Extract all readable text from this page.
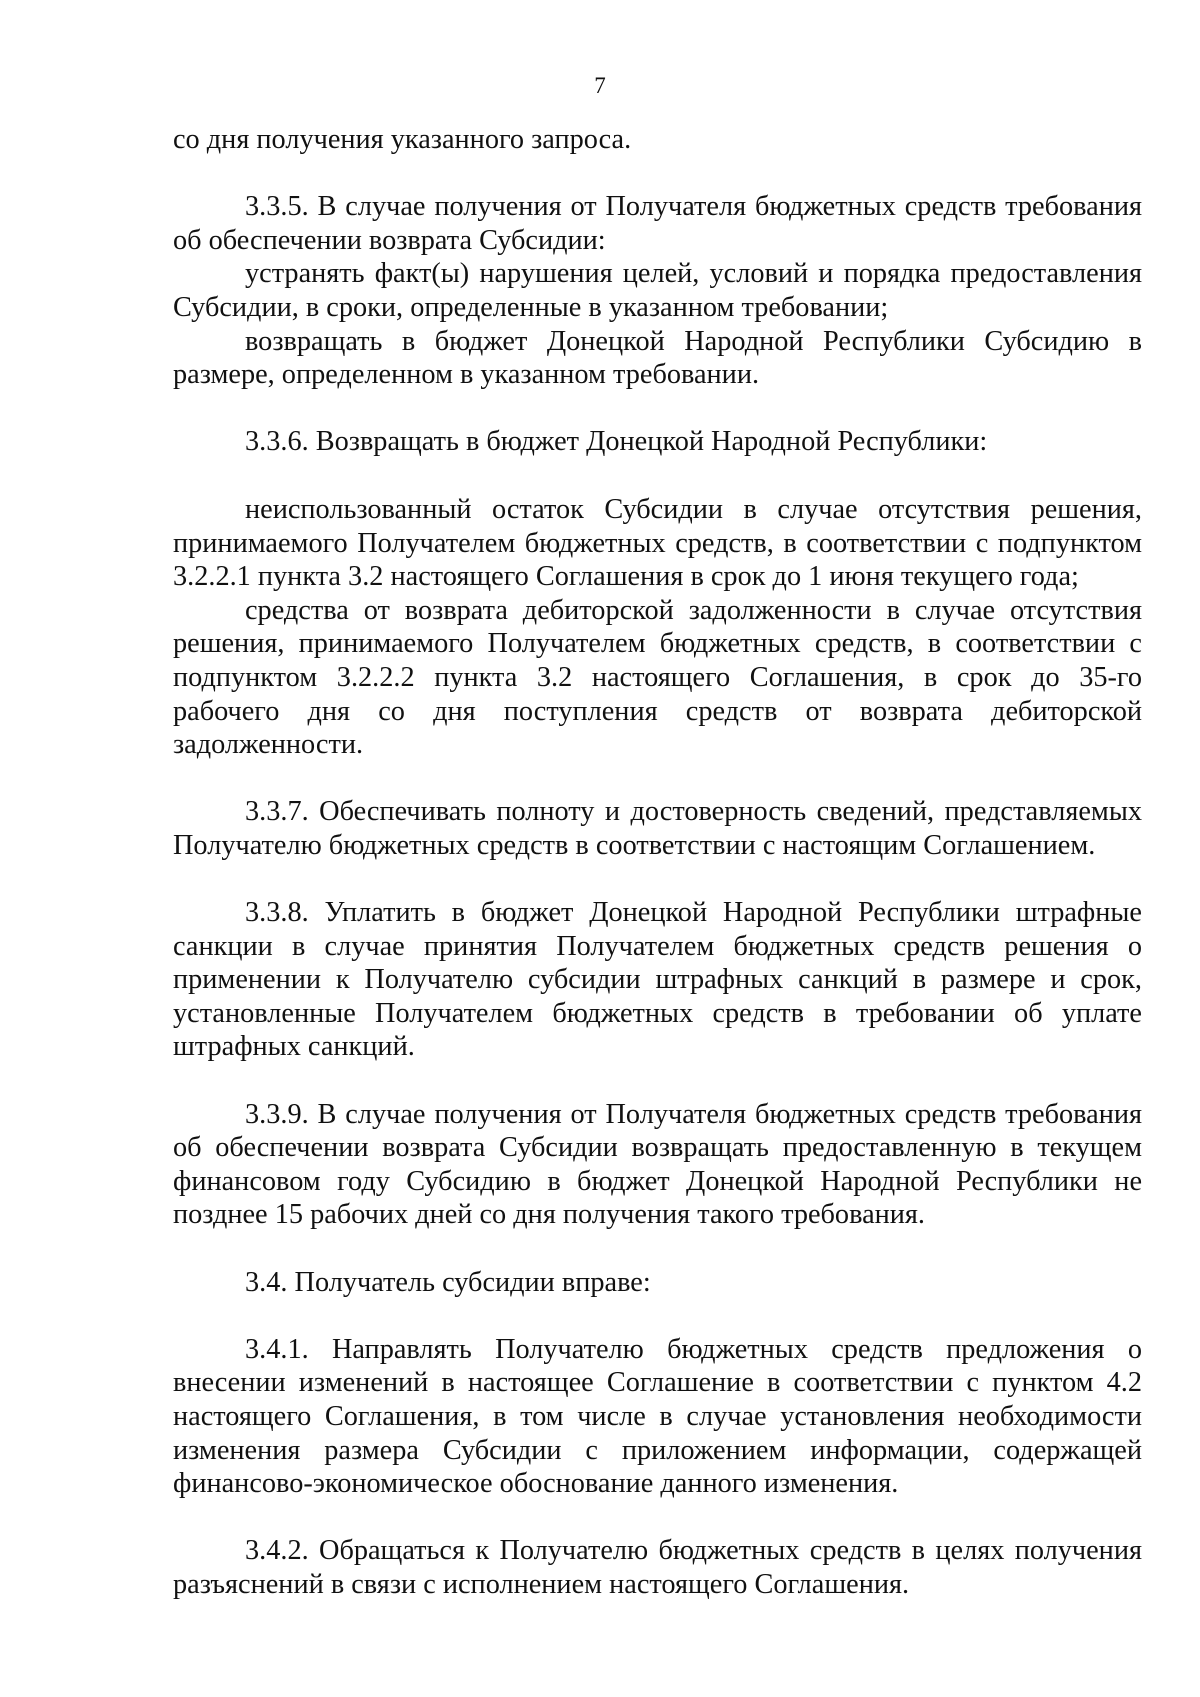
7

со дня получения указанного запроса.

3.3.5. В случае получения от Получателя бюджетных средств требования об обеспечении возврата Субсидии:

устранять факт(ы) нарушения целей, условий и порядка предоставления Субсидии, в сроки, определенные в указанном требовании;

возвращать в бюджет Донецкой Народной Республики Субсидию в размере, определенном в указанном требовании.

3.3.6. Возвращать в бюджет Донецкой Народной Республики:

неиспользованный остаток Субсидии в случае отсутствия решения, принимаемого Получателем бюджетных средств, в соответствии с подпунктом 3.2.2.1 пункта 3.2 настоящего Соглашения в срок до 1 июня текущего года;

средства от возврата дебиторской задолженности в случае отсутствия решения, принимаемого Получателем бюджетных средств, в соответствии с подпунктом 3.2.2.2 пункта 3.2 настоящего Соглашения, в срок до 35-го рабочего дня со дня поступления средств от возврата дебиторской задолженности.

3.3.7. Обеспечивать полноту и достоверность сведений, представляемых Получателю бюджетных средств в соответствии с настоящим Соглашением.

3.3.8. Уплатить в бюджет Донецкой Народной Республики штрафные санкции в случае принятия Получателем бюджетных средств решения о применении к Получателю субсидии штрафных санкций в размере и срок, установленные Получателем бюджетных средств в требовании об уплате штрафных санкций.

3.3.9. В случае получения от Получателя бюджетных средств требования об обеспечении возврата Субсидии возвращать предоставленную в текущем финансовом году Субсидию в бюджет Донецкой Народной Республики не позднее 15 рабочих дней со дня получения такого требования.

3.4. Получатель субсидии вправе:

3.4.1. Направлять Получателю бюджетных средств предложения о внесении изменений в настоящее Соглашение в соответствии с пунктом 4.2 настоящего Соглашения, в том числе в случае установления необходимости изменения размера Субсидии с приложением информации, содержащей финансово-экономическое обоснование данного изменения.

3.4.2. Обращаться к Получателю бюджетных средств в целях получения разъяснений в связи с исполнением настоящего Соглашения.
